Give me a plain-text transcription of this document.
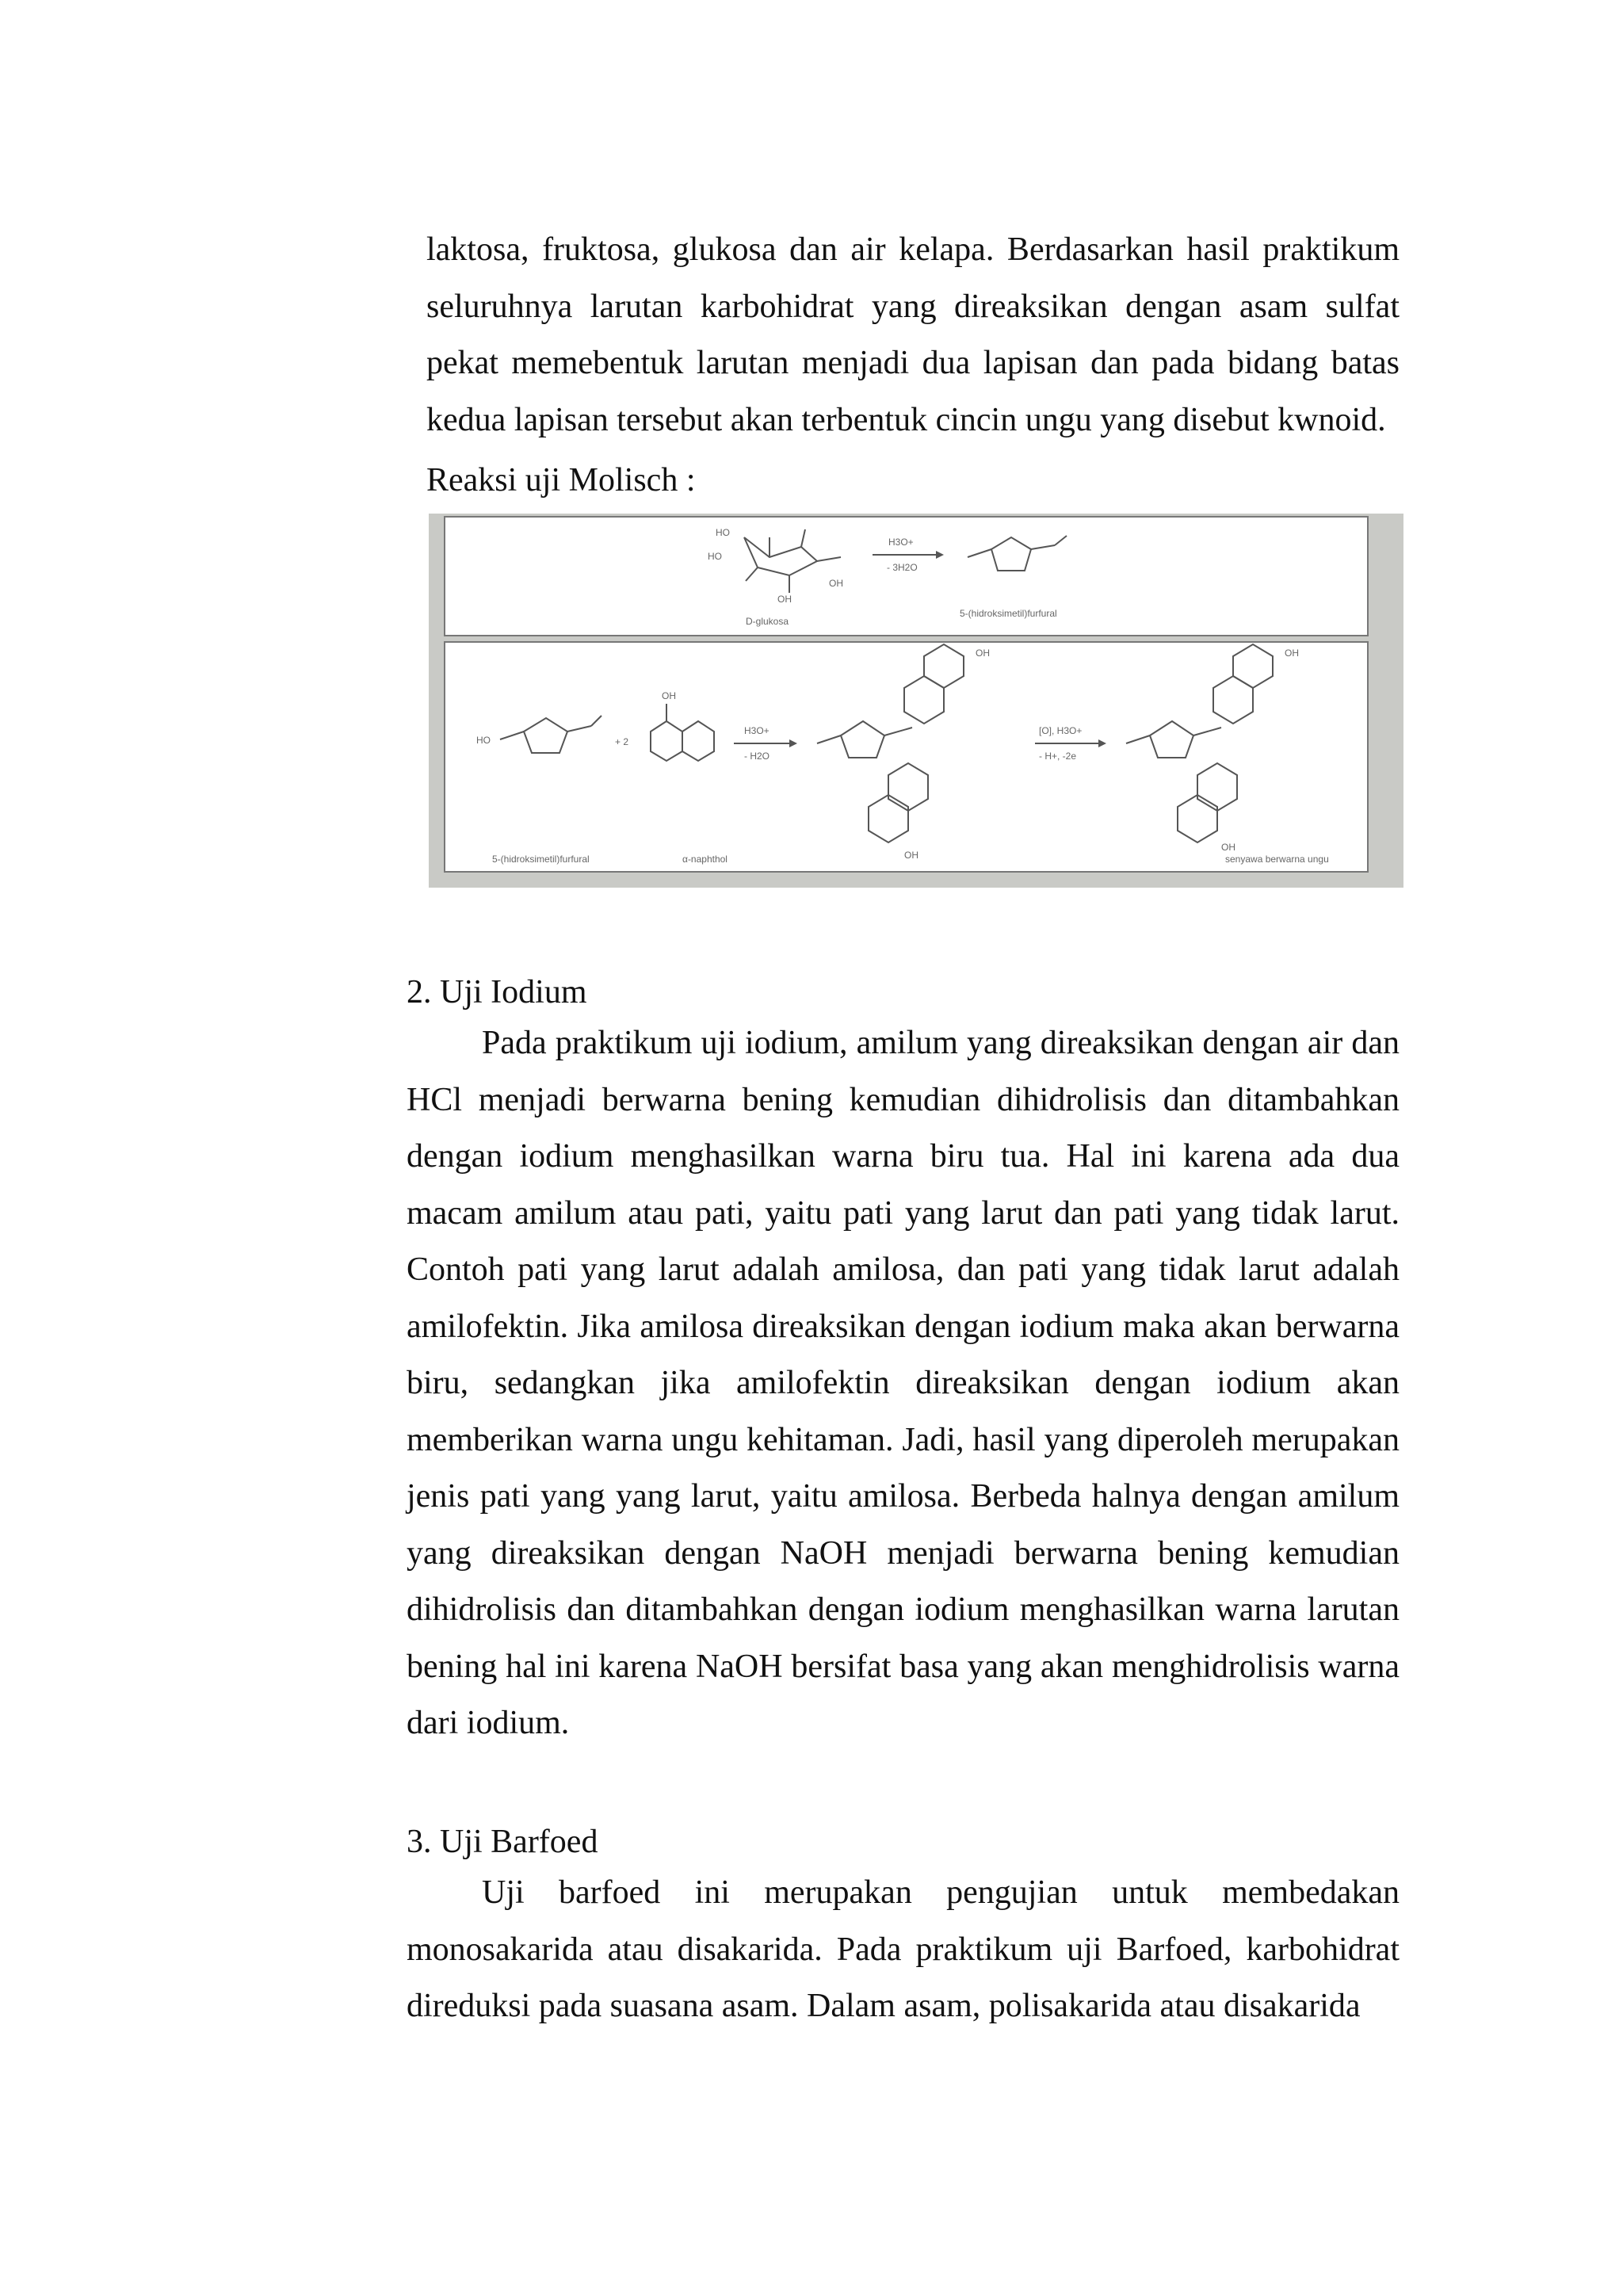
laktosa, fruktosa, glukosa dan air kelapa. Berdasarkan hasil praktikum seluruhnya larutan karbohidrat yang direaksikan dengan asam sulfat pekat memebentuk larutan menjadi dua lapisan dan pada bidang batas kedua lapisan tersebut akan terbentuk cincin ungu yang disebut kwnoid.

Reaksi uji Molisch :
HO
HO
OH
OH
D-glukosa
H3O+
- 3H2O
5-(hidroksimetil)furfural
HO	+ 2
OH
H3O+
- H2O
OH
OH
[O], H3O+
- H+, -2e
OH
OH
5-(hidroksimetil)furfural	α-naphthol	senyawa berwarna ungu
2. Uji Iodium

Pada praktikum uji iodium, amilum yang direaksikan dengan air dan HCl menjadi berwarna bening kemudian dihidrolisis dan ditambahkan dengan iodium menghasilkan warna biru tua. Hal ini karena ada dua macam amilum atau pati, yaitu pati yang larut dan pati yang tidak larut. Contoh pati yang larut adalah amilosa, dan pati yang tidak larut adalah amilofektin. Jika amilosa direaksikan dengan iodium maka akan berwarna biru, sedangkan jika amilofektin direaksikan dengan iodium akan memberikan warna ungu kehitaman. Jadi, hasil yang diperoleh merupakan jenis pati yang yang larut, yaitu amilosa. Berbeda halnya dengan amilum yang direaksikan dengan NaOH menjadi berwarna bening kemudian dihidrolisis dan ditambahkan dengan iodium menghasilkan warna larutan bening hal ini karena NaOH bersifat basa yang akan menghidrolisis warna dari iodium.

3. Uji Barfoed

Uji barfoed ini merupakan pengujian untuk membedakan monosakarida atau disakarida. Pada praktikum uji Barfoed, karbohidrat direduksi pada suasana asam. Dalam asam, polisakarida atau disakarida
